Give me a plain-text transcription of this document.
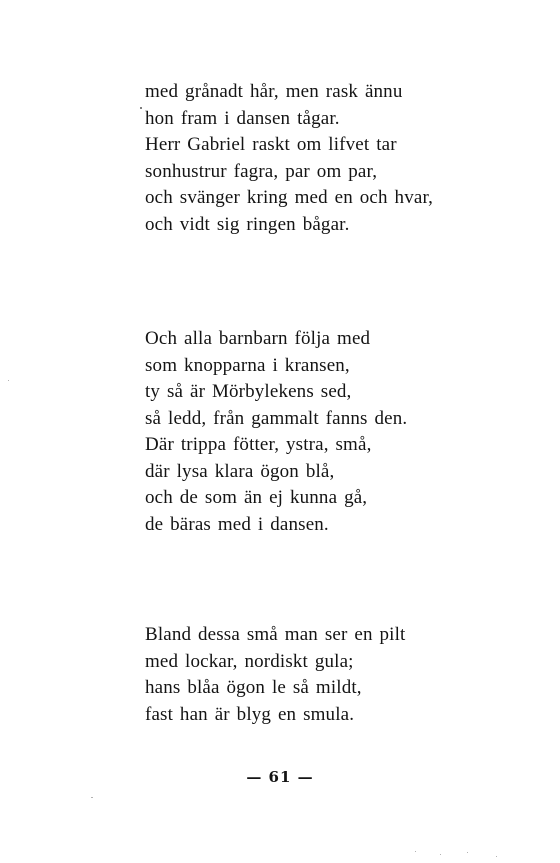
med grånadt hår, men rask ännu
hon fram i dansen tågar.
Herr Gabriel raskt om lifvet tar
sonhustrur fagra, par om par,
och svänger kring med en och hvar,
och vidt sig ringen bågar.
Och alla barnbarn följa med
som knopparna i kransen,
ty så är Mörbylekens sed,
så ledd, från gammalt fanns den.
Där trippa fötter, ystra, små,
där lysa klara ögon blå,
och de som än ej kunna gå,
de bäras med i dansen.
Bland dessa små man ser en pilt
med lockar, nordiskt gula;
hans blåa ögon le så mildt,
fast han är blyg en smula.
— 61 —
